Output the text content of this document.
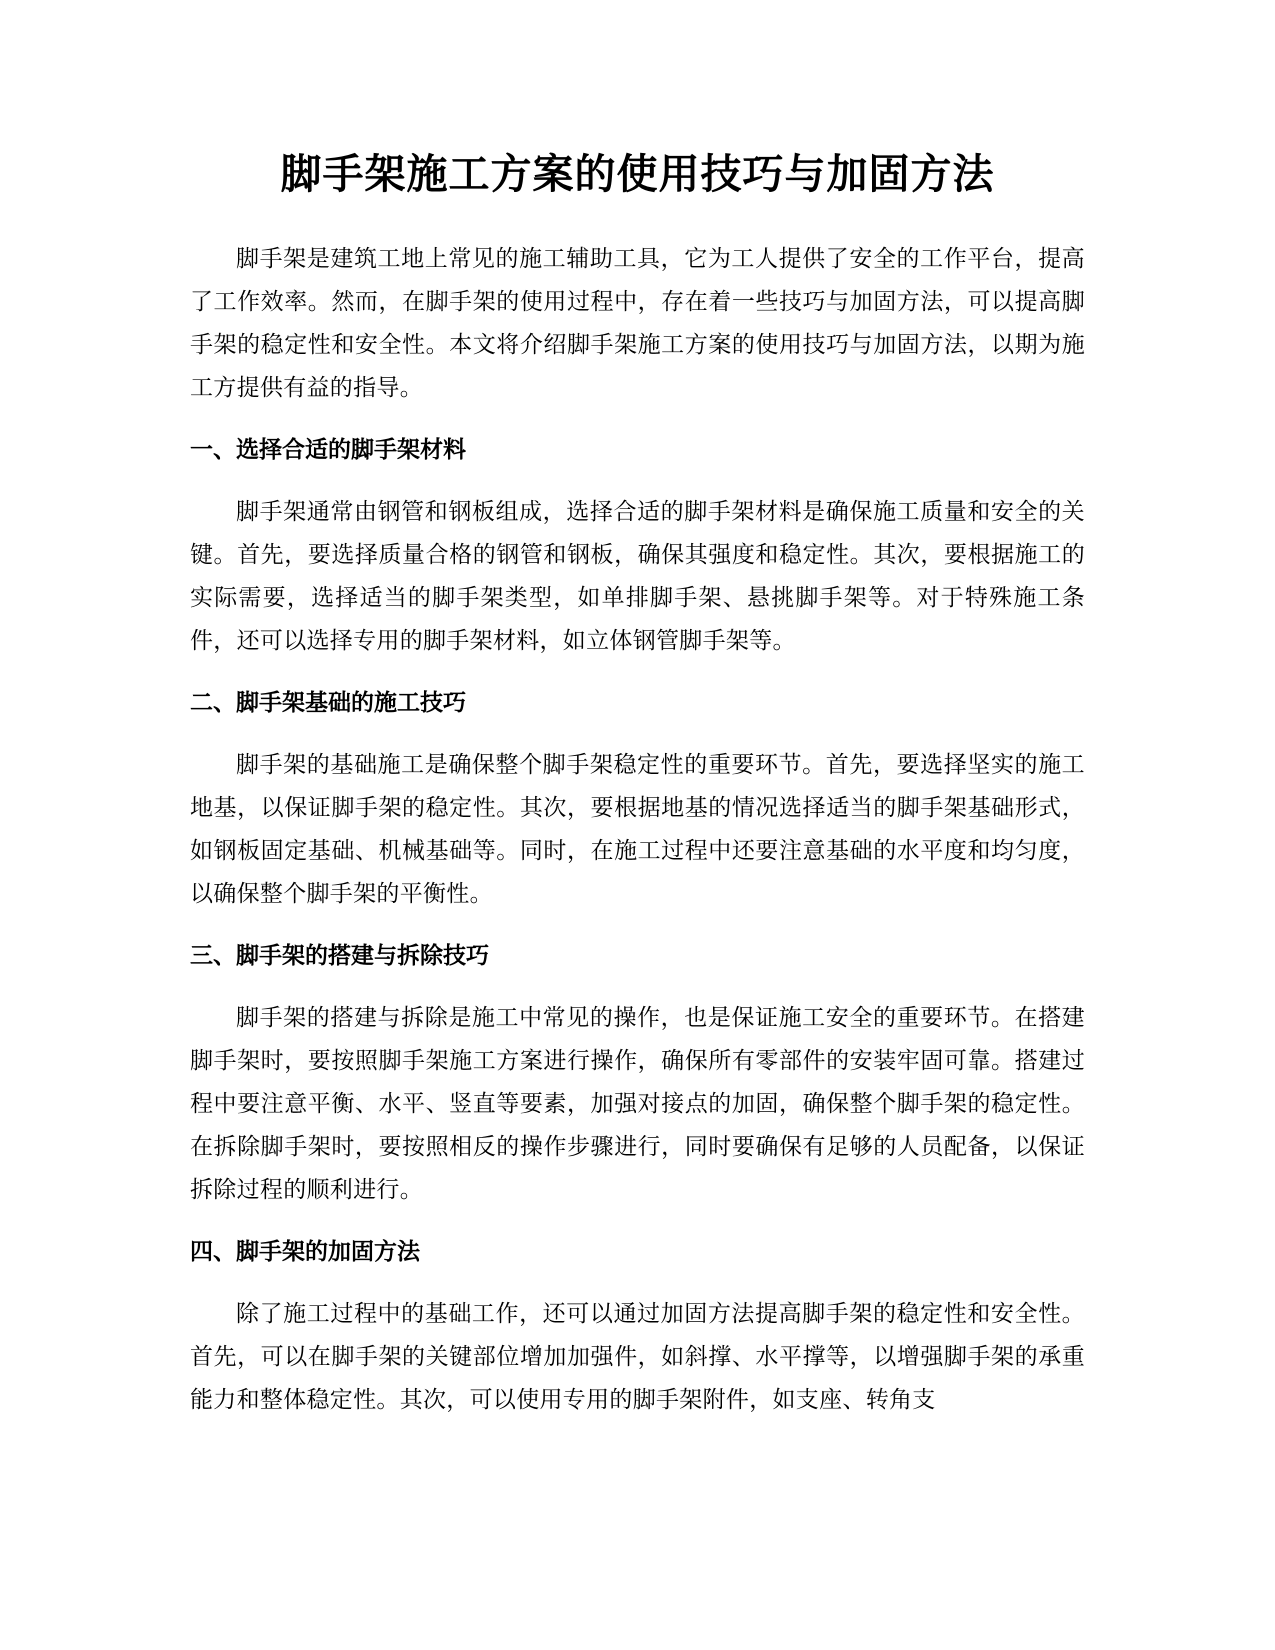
脚手架施工方案的使用技巧与加固方法

脚手架是建筑工地上常见的施工辅助工具，它为工人提供了安全的工作平台，提高了工作效率。然而，在脚手架的使用过程中，存在着一些技巧与加固方法，可以提高脚手架的稳定性和安全性。本文将介绍脚手架施工方案的使用技巧与加固方法，以期为施工方提供有益的指导。

一、选择合适的脚手架材料

脚手架通常由钢管和钢板组成，选择合适的脚手架材料是确保施工质量和安全的关键。首先，要选择质量合格的钢管和钢板，确保其强度和稳定性。其次，要根据施工的实际需要，选择适当的脚手架类型，如单排脚手架、悬挑脚手架等。对于特殊施工条件，还可以选择专用的脚手架材料，如立体钢管脚手架等。

二、脚手架基础的施工技巧

脚手架的基础施工是确保整个脚手架稳定性的重要环节。首先，要选择坚实的施工地基，以保证脚手架的稳定性。其次，要根据地基的情况选择适当的脚手架基础形式，如钢板固定基础、机械基础等。同时，在施工过程中还要注意基础的水平度和均匀度，以确保整个脚手架的平衡性。

三、脚手架的搭建与拆除技巧

脚手架的搭建与拆除是施工中常见的操作，也是保证施工安全的重要环节。在搭建脚手架时，要按照脚手架施工方案进行操作，确保所有零部件的安装牢固可靠。搭建过程中要注意平衡、水平、竖直等要素，加强对接点的加固，确保整个脚手架的稳定性。在拆除脚手架时，要按照相反的操作步骤进行，同时要确保有足够的人员配备，以保证拆除过程的顺利进行。

四、脚手架的加固方法

除了施工过程中的基础工作，还可以通过加固方法提高脚手架的稳定性和安全性。首先，可以在脚手架的关键部位增加加强件，如斜撑、水平撑等，以增强脚手架的承重能力和整体稳定性。其次，可以使用专用的脚手架附件，如支座、转角支
